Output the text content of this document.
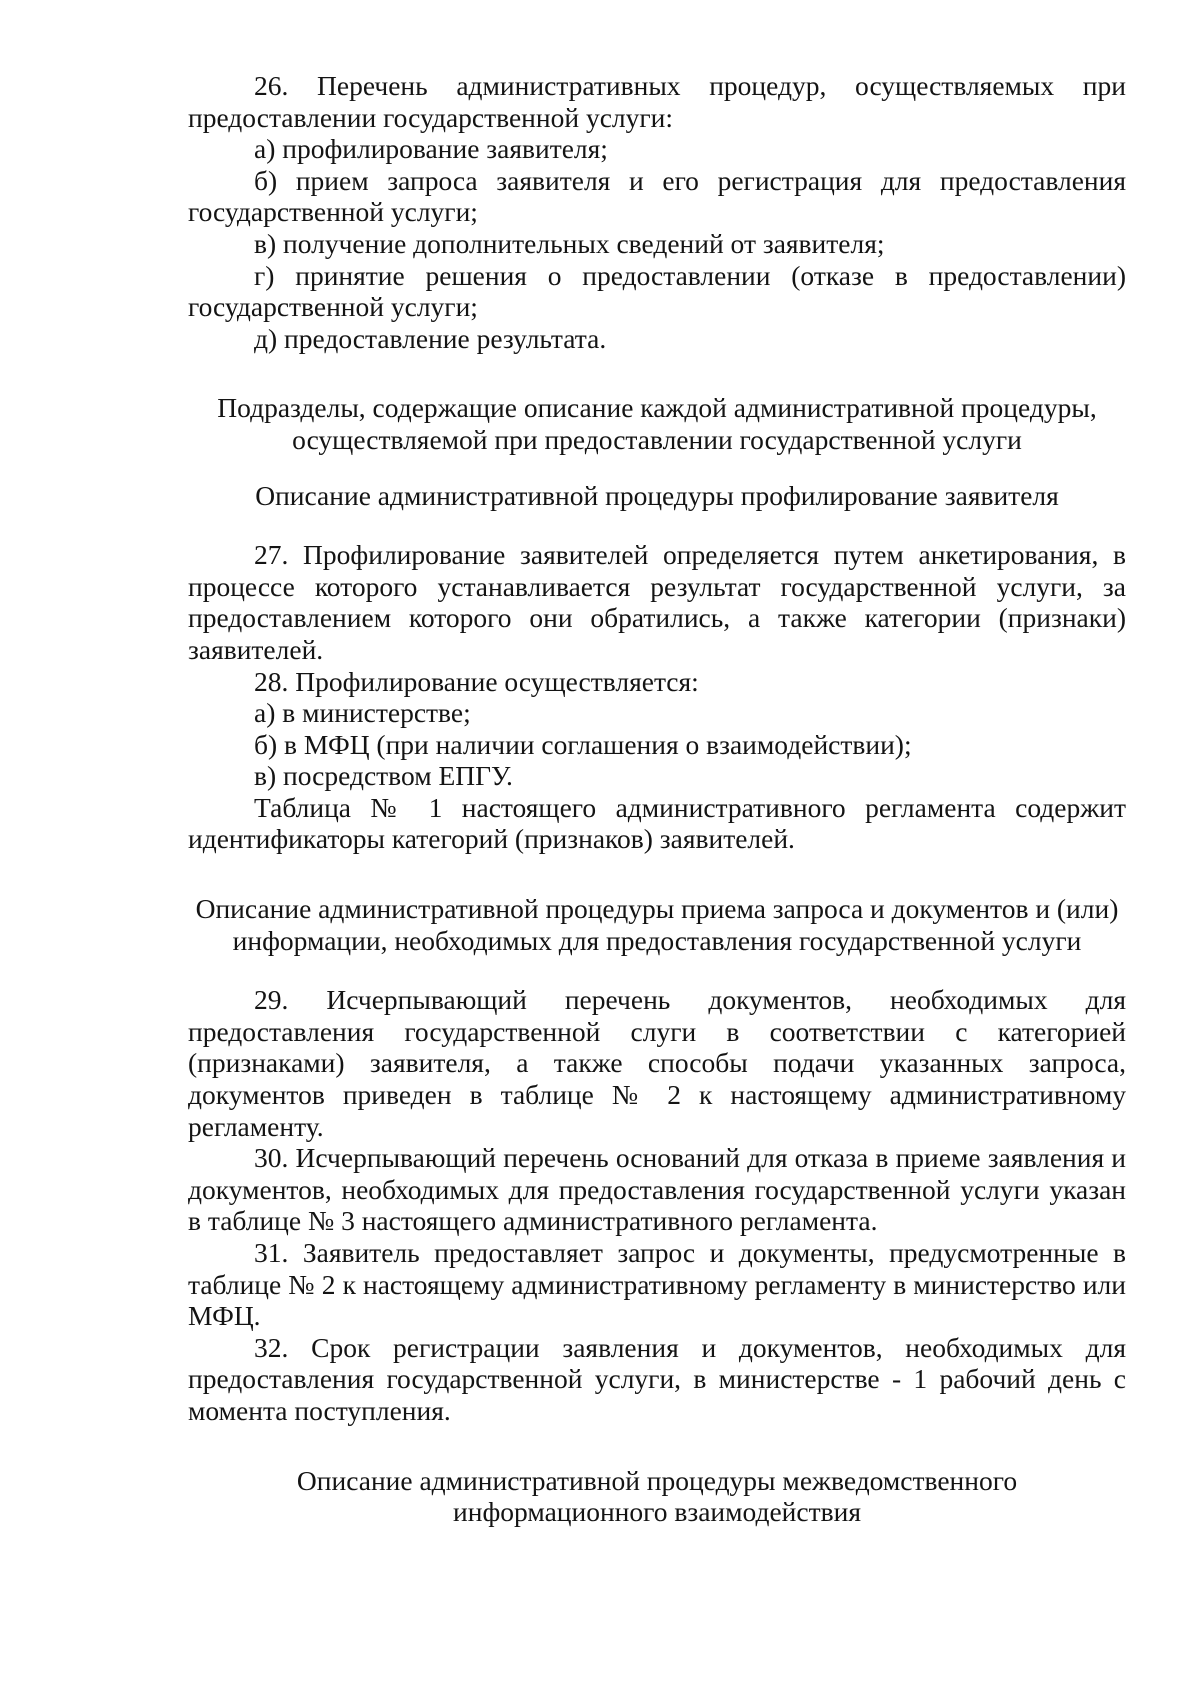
26. Перечень административных процедур, осуществляемых при предоставлении государственной услуги:

а) профилирование заявителя;

б) прием запроса заявителя и его регистрация для предоставления государственной услуги;

в) получение дополнительных сведений от заявителя;

г) принятие решения о предоставлении (отказе в предоставлении) государственной услуги;

д) предоставление результата.

Подразделы, содержащие описание каждой административной процедуры, осуществляемой при предоставлении государственной услуги

Описание административной процедуры профилирование заявителя

27. Профилирование заявителей определяется путем анкетирования, в процессе которого устанавливается результат государственной услуги, за предоставлением которого они обратились, а также категории (признаки) заявителей.

28. Профилирование осуществляется:

а) в министерстве;

б) в МФЦ (при наличии соглашения о взаимодействии);

в) посредством ЕПГУ.

Таблица № 1 настоящего административного регламента содержит идентификаторы категорий (признаков) заявителей.

Описание административной процедуры приема запроса и документов и (или) информации, необходимых для предоставления государственной услуги

29. Исчерпывающий перечень документов, необходимых для предоставления государственной слуги в соответствии с категорией (признаками) заявителя, а также способы подачи указанных запроса, документов приведен в таблице № 2 к настоящему административному регламенту.

30. Исчерпывающий перечень оснований для отказа в приеме заявления и документов, необходимых для предоставления государственной услуги указан в таблице № 3 настоящего административного регламента.

31. Заявитель предоставляет запрос и документы, предусмотренные в таблице № 2 к настоящему административному регламенту в министерство или МФЦ.

32. Срок регистрации заявления и документов, необходимых для предоставления государственной услуги, в министерстве - 1 рабочий день с момента поступления.

Описание административной процедуры межведомственного информационного взаимодействия
